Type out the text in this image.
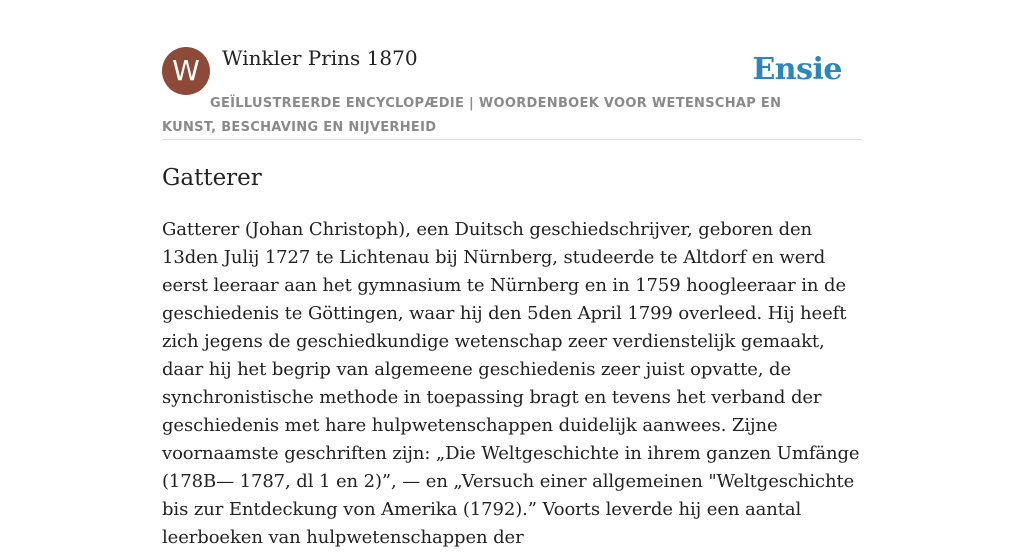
W	Winkler Prins 1870	Ensie
GEÏLLUSTREERDE ENCYCLOPÆDIE | WOORDENBOEK VOOR WETENSCHAP EN KUNST, BESCHAVING EN NIJVERHEID
Gatterer

Gatterer (Johan Christoph), een Duitsch geschiedschrijver, geboren den 13den Julij 1727 te Lichtenau bij Nürnberg, studeerde te Altdorf en werd eerst leeraar aan het gymnasium te Nürnberg en in 1759 hoogleeraar in de geschiedenis te Göttingen, waar hij den 5den April 1799 overleed. Hij heeft zich jegens de geschiedkundige wetenschap zeer verdienstelijk gemaakt, daar hij het begrip van algemeene geschiedenis zeer juist opvatte, de synchronistische methode in toepassing bragt en tevens het verband der geschiedenis met hare hulpwetenschappen duidelijk aanwees. Zijne voornaamste geschriften zijn: „Die Weltgeschichte in ihrem ganzen Umfänge (178B— 1787, dl 1 en 2)”, — en „Versuch einer allgemeinen "Weltgeschichte bis zur Entdeckung von Amerika (1792).” Voorts leverde hij een aantal leerboeken van hulpwetenschappen der
